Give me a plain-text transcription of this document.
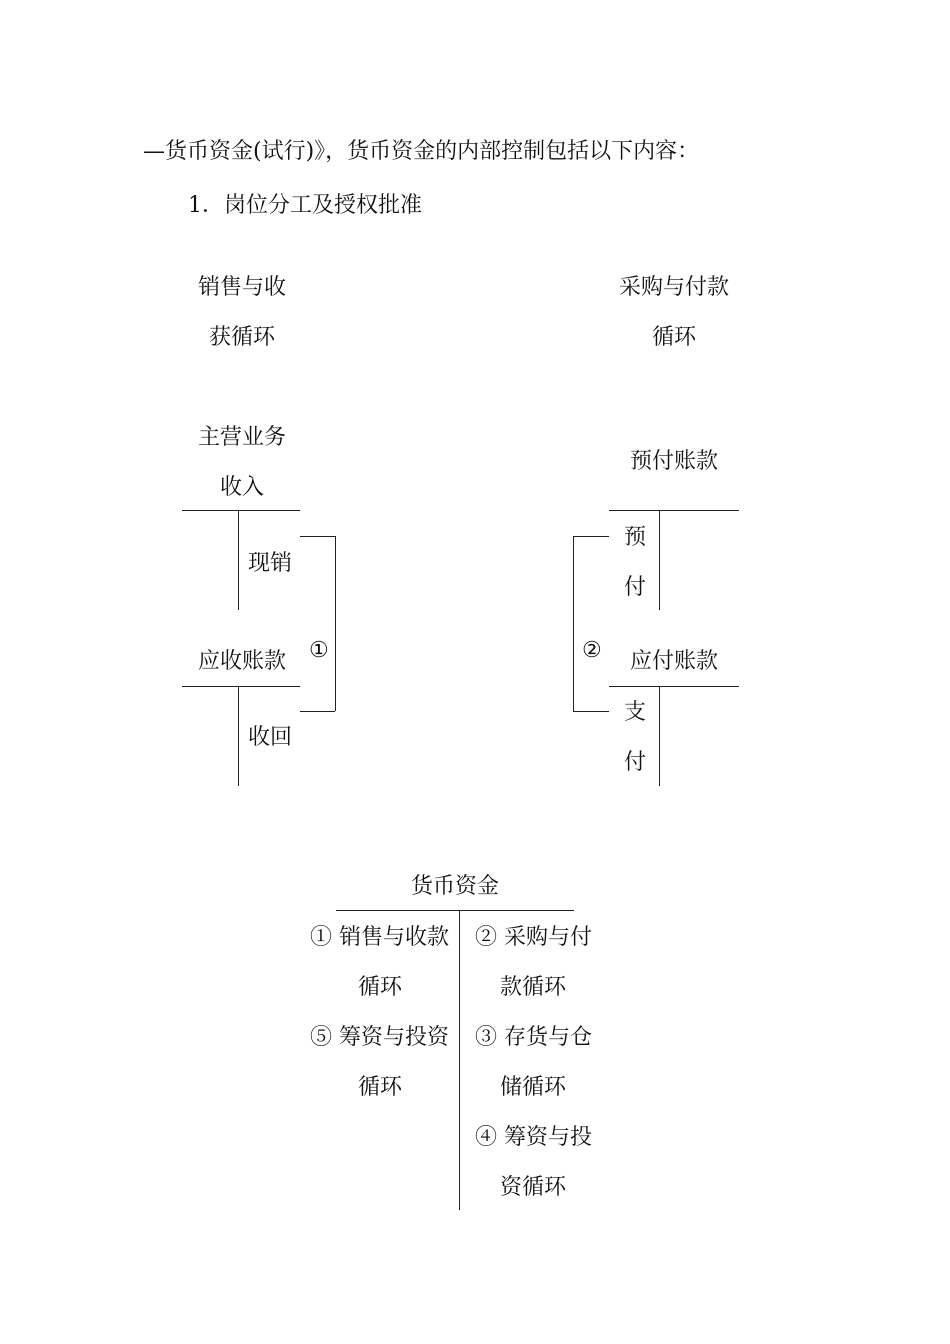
—货币资金(试行)》，货币资金的内部控制包括以下内容：
1．岗位分工及授权批准
销售与收
获循环
主营业务
收入
现销
应收账款
收回
①
采购与付款
循环
预付账款
预
付
应付账款
支
付
②
货币资金
① 销售与收款
循环
⑤ 筹资与投资
循环
② 采购与付
款循环
③ 存货与仓
储循环
④ 筹资与投
资循环
